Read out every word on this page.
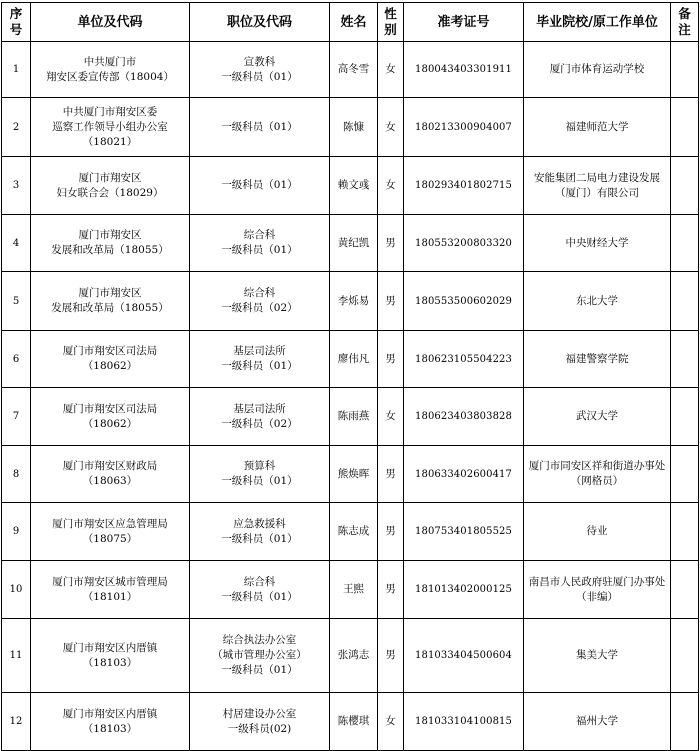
序
号	单位及代码	职位及代码	姓名	性
别	准考证号	毕业院校/原工作单位	备
注

1	中共厦门市
翔安区委宣传部（18004）	宣教科
一级科员（01）	高冬雪	女	180043403301911	厦门市体育运动学校	

2	中共厦门市翔安区委
巡察工作领导小组办公室
（18021）	一级科员（01）	陈慷	女	180213300904007	福建师范大学	

3	厦门市翔安区
妇女联合会（18029）	一级科员（01）	赖文彧	女	180293401802715	安能集团二局电力建设发展
（厦门）有限公司	

4	厦门市翔安区
发展和改革局（18055）	综合科
一级科员（01）	黄纪凯	男	180553200803320	中央财经大学	

5	厦门市翔安区
发展和改革局（18055）	综合科
一级科员（02）	李烁易	男	180553500602029	东北大学	

6	厦门市翔安区司法局
（18062）	基层司法所
一级科员（01）	廖伟凡	男	180623105504223	福建警察学院	

7	厦门市翔安区司法局
（18062）	基层司法所
一级科员（02）	陈雨燕	女	180623403803828	武汉大学	

8	厦门市翔安区财政局
（18063）	预算科
一级科员（01）	熊焕晖	男	180633402600417	厦门市同安区祥和街道办事处
（网格员）	

9	厦门市翔安区应急管理局
（18075）	应急救援科
一级科员（01）	陈志成	男	180753401805525	待业	

10	厦门市翔安区城市管理局
（18101）	综合科
一级科员（01）	王熙	男	181013402000125	南昌市人民政府驻厦门办事处
（非编）	

11	厦门市翔安区内厝镇
（18103）	综合执法办公室
（城市管理办公室）
一级科员（01）	张鸿志	男	181033404500604	集美大学	

12	厦门市翔安区内厝镇
（18103）	村居建设办公室
一级科员(02)	陈樱琪	女	181033104100815	福州大学	
